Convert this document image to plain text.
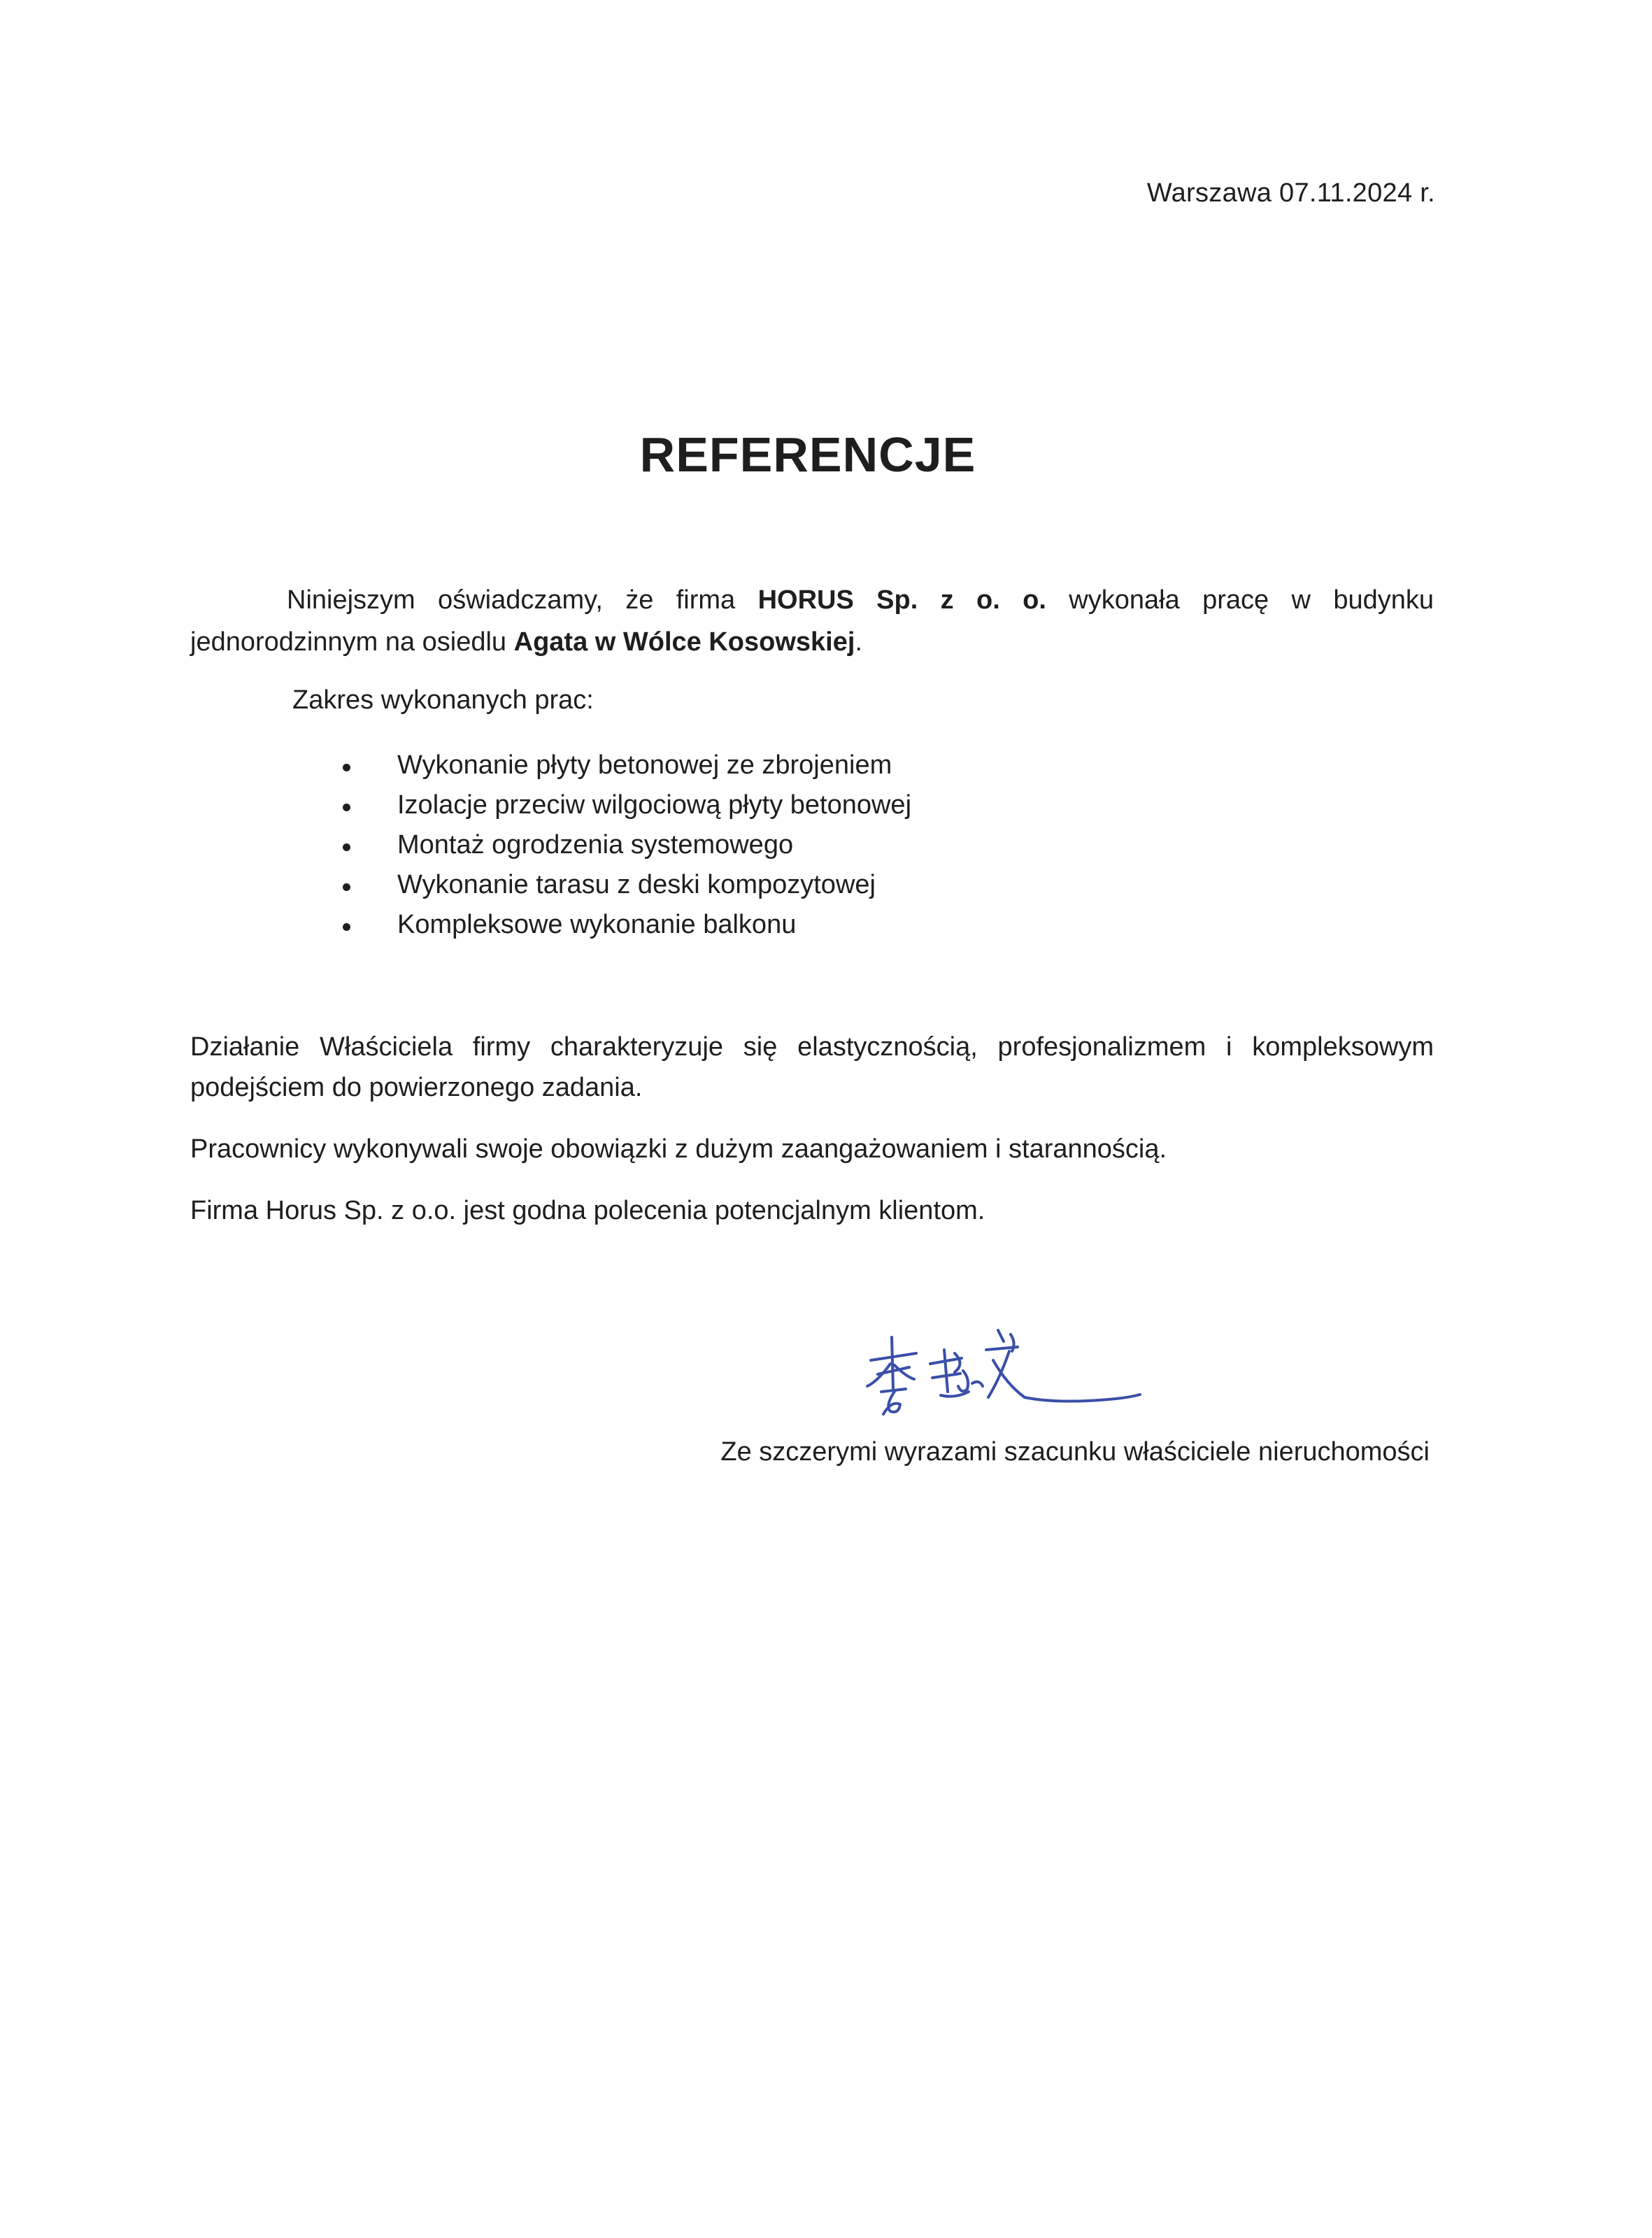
Warszawa 07.11.2024 r.
REFERENCJE
Niniejszym oświadczamy, że firma HORUS Sp. z o. o. wykonała pracę w budynku jednorodzinnym na osiedlu Agata w Wólce Kosowskiej.
Zakres wykonanych prac:
Wykonanie płyty betonowej ze zbrojeniem
Izolacje przeciw wilgociową płyty betonowej
Montaż ogrodzenia systemowego
Wykonanie tarasu z deski kompozytowej
Kompleksowe wykonanie balkonu
Działanie Właściciela firmy charakteryzuje się elastycznością, profesjonalizmem i kompleksowym podejściem do powierzonego zadania.
Pracownicy wykonywali swoje obowiązki z dużym zaangażowaniem i starannością.
Firma Horus Sp. z o.o. jest godna polecenia potencjalnym klientom.
Ze szczerymi wyrazami szacunku właściciele nieruchomości
